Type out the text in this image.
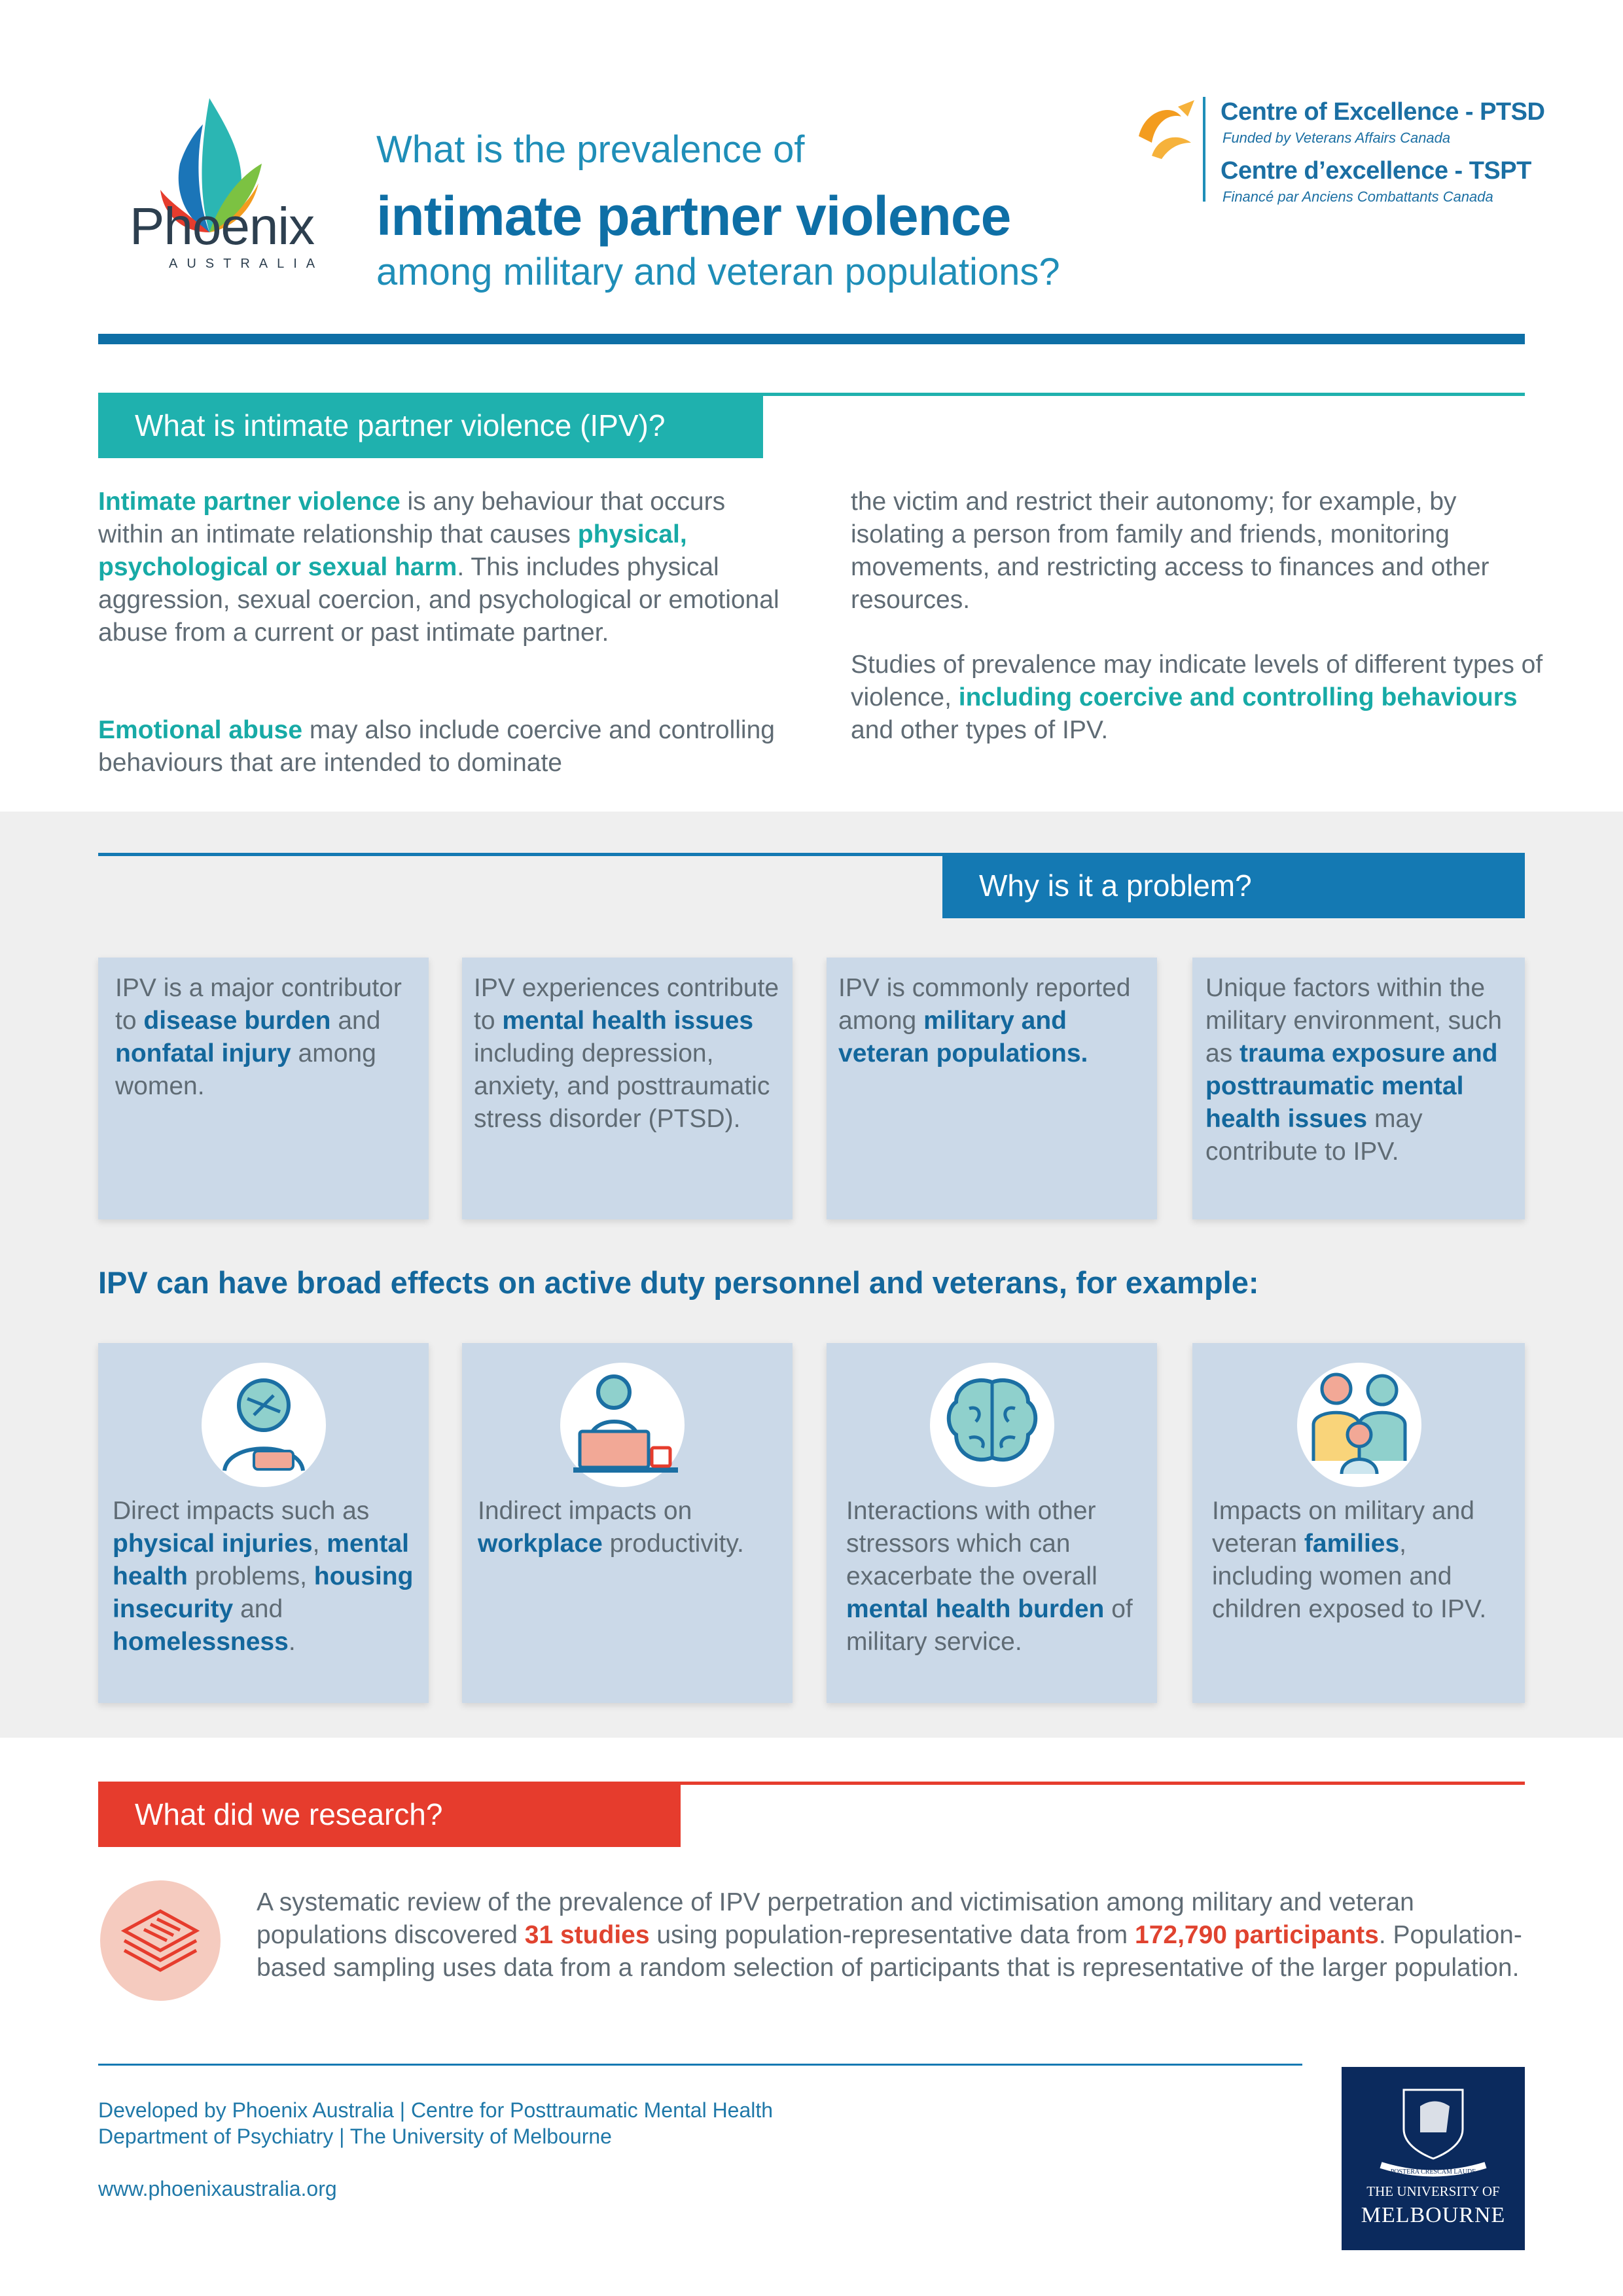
Phoenix
AUSTRALIA
What is the prevalence of
intimate partner violence
among military and veteran populations?
Centre of Excellence - PTSD
Funded by Veterans Affairs Canada
Centre d’excellence - TSPT
Financé par Anciens Combattants Canada
What is intimate partner violence (IPV)?
Intimate partner violence is any behaviour that occurs within an intimate relationship that causes physical, psychological or sexual harm. This includes physical aggression, sexual coercion, and psychological or emotional abuse from a current or past intimate partner.
Emotional abuse may also include coercive and controlling behaviours that are intended to dominate
the victim and restrict their autonomy; for example, by isolating a person from family and friends, monitoring movements, and restricting access to finances and other resources.
Studies of prevalence may indicate levels of different types of violence, including coercive and controlling behaviours and other types of IPV.
Why is it a problem?
IPV is a major contributor to disease burden and nonfatal injury among women.
IPV experiences contribute to mental health issues including depression, anxiety, and posttraumatic stress disorder (PTSD).
IPV is commonly reported among military and veteran populations.
Unique factors within the military environment, such as trauma exposure and posttraumatic mental health issues may contribute to IPV.
IPV can have broad effects on active duty personnel and veterans, for example:
Direct impacts such as physical injuries, mental health problems, housing insecurity and homelessness.
Indirect impacts on workplace productivity.
Interactions with other stressors which can exacerbate the overall mental health burden of military service.
Impacts on military and veteran families, including women and children exposed to IPV.
What did we research?
A systematic review of the prevalence of IPV perpetration and victimisation among military and veteran populations discovered 31 studies using population-representative data from 172,790 participants. Population-based sampling uses data from a random selection of participants that is representative of the larger population.
Developed by Phoenix Australia | Centre for Posttraumatic Mental Health
Department of Psychiatry | The University of Melbourne
www.phoenixaustralia.org
POSTERA CRESCAM LAUDE
THE UNIVERSITY OF
MELBOURNE
